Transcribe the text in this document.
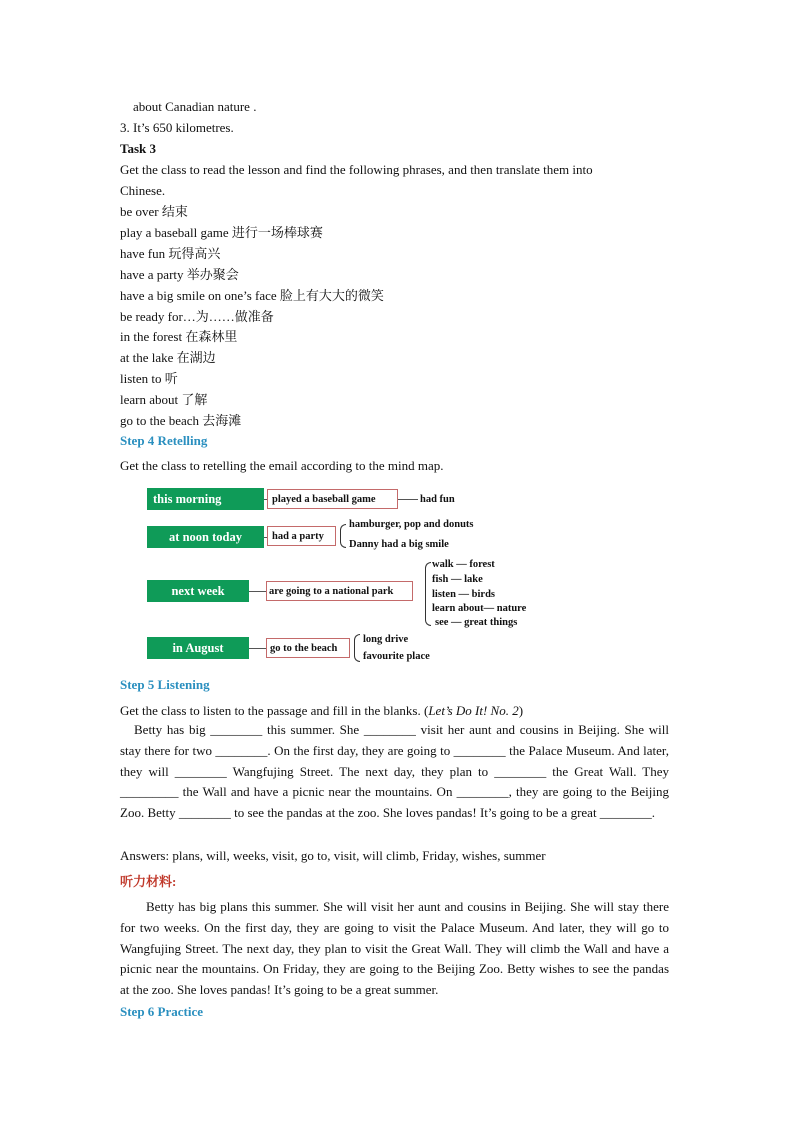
about Canadian nature .
3. It’s 650 kilometres.
Task 3
Get the class to read the lesson and find the following phrases, and then translate them into
Chinese.
be over 结束
play a baseball game 进行一场棒球赛
have fun 玩得高兴
have a party 举办聚会
have a big smile on one’s face 脸上有大大的微笑
be ready for…为……做准备
in the forest 在森林里
at the lake 在湖边
listen to 听
learn about 了解
go to the beach 去海滩
Step 4 Retelling
Get the class to retelling the email according to the mind map.
this morning	played a baseball game	had fun
at noon today	had a party
hamburger, pop and donuts
Danny had a big smile
next week	are going to a national park
walk — forest
fish — lake
listen — birds
learn about— nature
see — great things
in August	go to the beach
long drive
favourite place
Step 5 Listening
Get the class to listen to the passage and fill in the blanks. (Let’s Do It! No. 2)

Betty has big ________ this summer. She ________ visit her aunt and cousins in Beijing. She will stay there for two ________. On the first day, they are going to ________ the Palace Museum. And later, they will ________ Wangfujing Street. The next day, they plan to ________ the Great Wall. They _________ the Wall and have a picnic near the mountains. On ________, they are going to the Beijing Zoo. Betty ________ to see the pandas at the zoo. She loves pandas! It’s going to be a great ________.

Answers: plans, will, weeks, visit, go to, visit, will climb, Friday, wishes, summer
听力材料:

Betty has big plans this summer. She will visit her aunt and cousins in Beijing. She will stay there for two weeks. On the first day, they are going to visit the Palace Museum. And later, they will go to Wangfujing Street. The next day, they plan to visit the Great Wall. They will climb the Wall and have a picnic near the mountains. On Friday, they are going to the Beijing Zoo. Betty wishes to see the pandas at the zoo. She loves pandas! It’s going to be a great summer.

Step 6 Practice
